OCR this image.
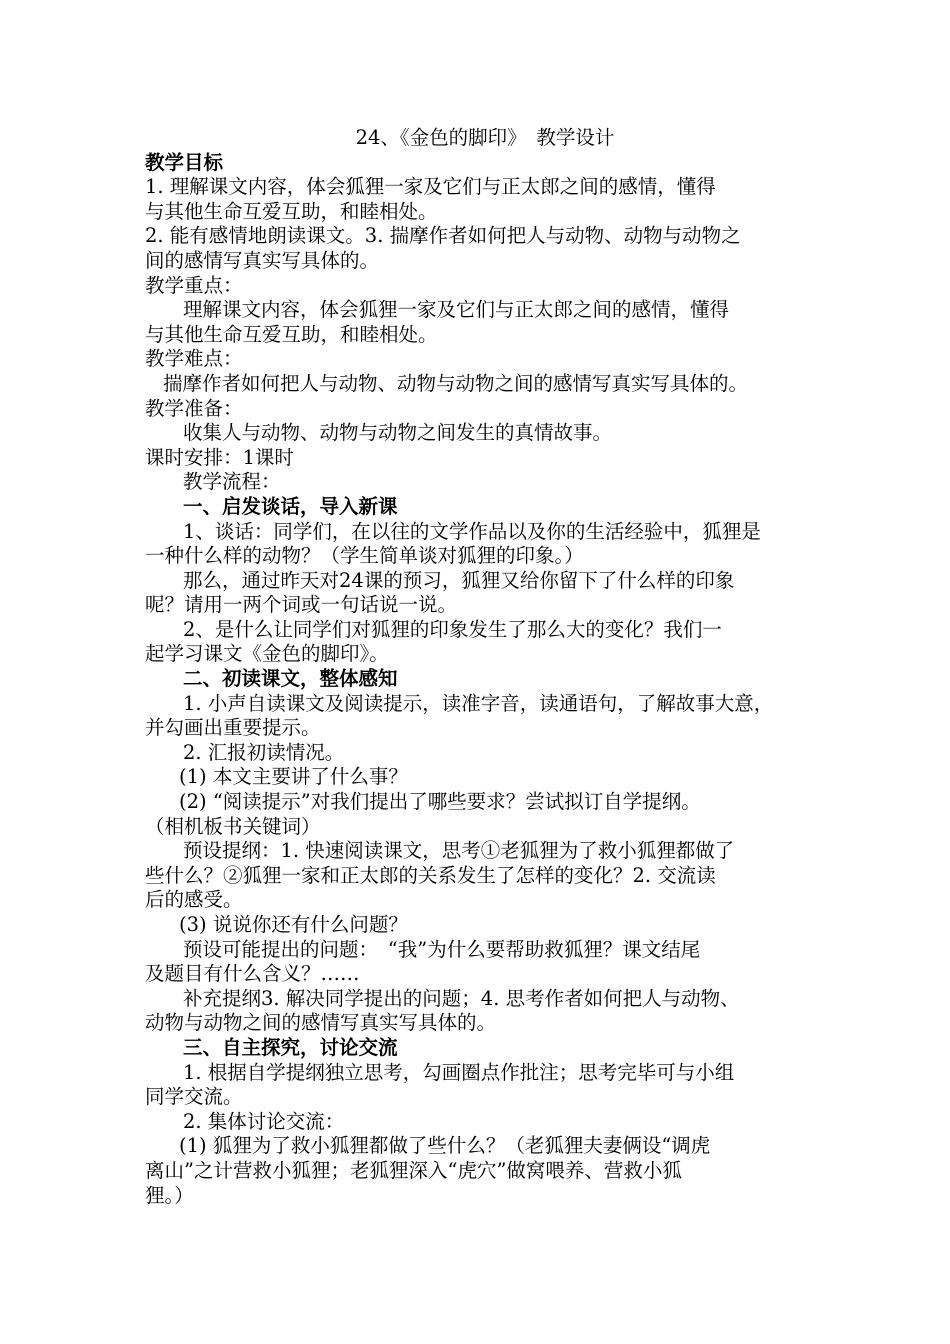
24、《金色的脚印》　教学设计
教学目标
1. 理解课文内容，体会狐狸一家及它们与正太郎之间的感情，懂得
与其他生命互爱互助，和睦相处。
2. 能有感情地朗读课文。3. 揣摩作者如何把人与动物、动物与动物之
间的感情写真实写具体的。
教学重点：
理解课文内容，体会狐狸一家及它们与正太郎之间的感情，懂得
与其他生命互爱互助，和睦相处。
教学难点：
揣摩作者如何把人与动物、动物与动物之间的感情写真实写具体的。
教学准备：
收集人与动物、动物与动物之间发生的真情故事。
课时安排：1课时
教学流程：
一、启发谈话，导入新课
1、谈话：同学们，在以往的文学作品以及你的生活经验中，狐狸是
一种什么样的动物？（学生简单谈对狐狸的印象。）
那么，通过昨天对24课的预习，狐狸又给你留下了什么样的印象
呢？请用一两个词或一句话说一说。
2、是什么让同学们对狐狸的印象发生了那么大的变化？我们一
起学习课文《金色的脚印》。
二、初读课文，整体感知
1. 小声自读课文及阅读提示，读准字音，读通语句，了解故事大意，
并勾画出重要提示。
2. 汇报初读情况。
(1) 本文主要讲了什么事？
(2) “阅读提示”对我们提出了哪些要求？尝试拟订自学提纲。
（相机板书关键词）
预设提纲：1. 快速阅读课文，思考①老狐狸为了救小狐狸都做了
些什么？②狐狸一家和正太郎的关系发生了怎样的变化？2. 交流读
后的感受。
(3) 说说你还有什么问题？
预设可能提出的问题：　“我”为什么要帮助救狐狸？课文结尾
及题目有什么含义？……
补充提纲3. 解决同学提出的问题；4. 思考作者如何把人与动物、
动物与动物之间的感情写真实写具体的。
三、自主探究，讨论交流
1. 根据自学提纲独立思考，勾画圈点作批注；思考完毕可与小组
同学交流。
2. 集体讨论交流：
(1) 狐狸为了救小狐狸都做了些什么？（老狐狸夫妻俩设“调虎
离山”之计营救小狐狸；老狐狸深入“虎穴”做窝喂养、营救小狐
狸。）
